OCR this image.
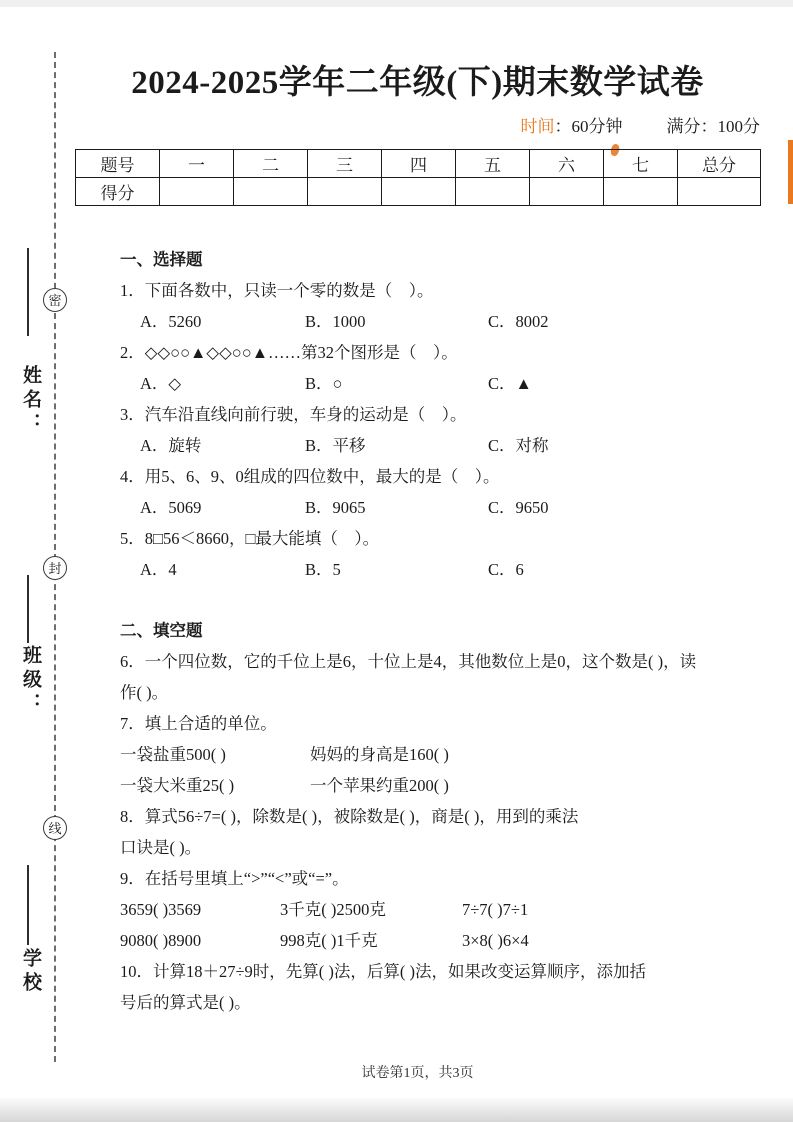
姓名：
班级：
学校
密
封
线
2024-2025学年二年级(下)期末数学试卷
时间：60分钟	满分：100分
题号	一	二	三	四	五	六	七	总分
得分								
一、选择题
1．下面各数中，只读一个零的数是（　）。
A．5260	B．1000	C．8002
2．◇◇○○▲◇◇○○▲……第32个图形是（　）。
A．◇	B．○	C．▲
3．汽车沿直线向前行驶，车身的运动是（　）。
A．旋转	B．平移	C．对称
4．用5、6、9、0组成的四位数中，最大的是（　）。
A．5069	B．9065	C．9650
5．8□56＜8660，□最大能填（　）。
A．4	B．5	C．6
二、填空题
6．一个四位数，它的千位上是6，十位上是4，其他数位上是0，这个数是( )，读
作( )。
7．填上合适的单位。
一袋盐重500( )	妈妈的身高是160( )
一袋大米重25( )	一个苹果约重200( )
8．算式56÷7=( )，除数是( )，被除数是( )，商是( )，用到的乘法
口诀是( )。
9．在括号里填上“>”“<”或“=”。
3659( )3569	3千克( )2500克	7÷7( )7÷1
9080( )8900	998克( )1千克	3×8( )6×4
10．计算18＋27÷9时，先算( )法，后算( )法，如果改变运算顺序，添加括
号后的算式是( )。
试卷第1页，共3页
